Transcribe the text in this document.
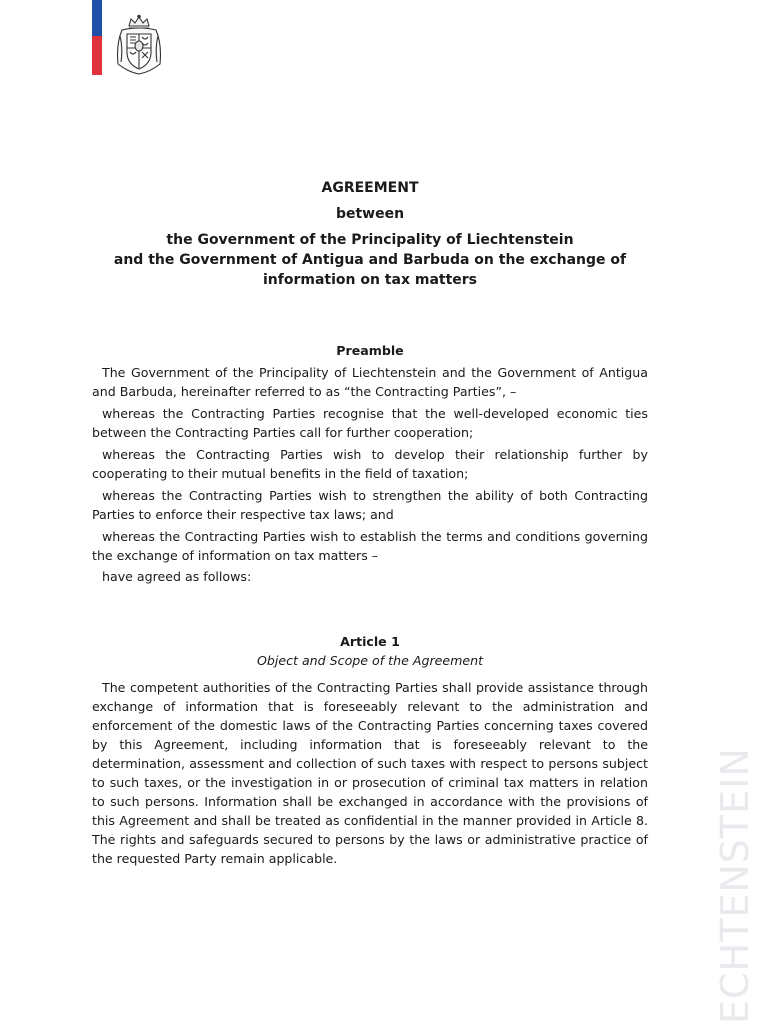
ECHTENSTEIN
AGREEMENT
between
the Government of the Principality of Liechtenstein
and the Government of Antigua and Barbuda on the exchange of
information on tax matters
Preamble

The Government of the Principality of Liechtenstein and the Government of Antigua and Barbuda, hereinafter referred to as “the Contracting Parties”, –

whereas the Contracting Parties recognise that the well-developed economic ties between the Contracting Parties call for further cooperation;

whereas the Contracting Parties wish to develop their relationship further by cooperating to their mutual benefits in the field of taxation;

whereas the Contracting Parties wish to strengthen the ability of both Contracting Parties to enforce their respective tax laws; and

whereas the Contracting Parties wish to establish the terms and conditions governing the exchange of information on tax matters –

have agreed as follows:

Article 1
Object and Scope of the Agreement

The competent authorities of the Contracting Parties shall provide assistance through exchange of information that is foreseeably relevant to the administration and enforcement of the domestic laws of the Contracting Parties concerning taxes covered by this Agreement, including information that is foreseeably relevant to the determination, assessment and collection of such taxes with respect to persons subject to such taxes, or the investigation in or prosecution of criminal tax matters in relation to such persons. Information shall be exchanged in accordance with the provisions of this Agreement and shall be treated as confidential in the manner provided in Article 8. The rights and safeguards secured to persons by the laws or administrative practice of the requested Party remain applicable.
